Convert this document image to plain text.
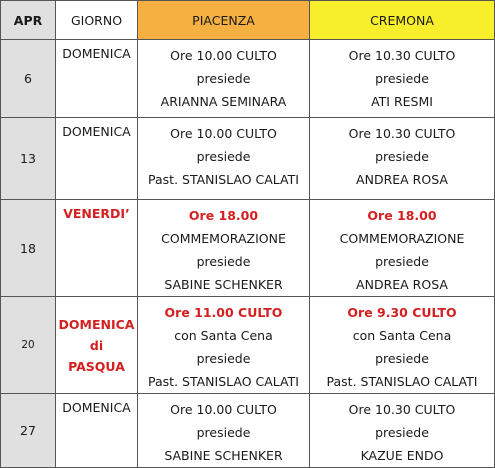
APR	GIORNO	PIACENZA	CREMONA
6	DOMENICA	Ore 10.00 CULTO
presiede
ARIANNA SEMINARA	Ore 10.30 CULTO
presiede
ATI RESMI

13	DOMENICA	Ore 10.00 CULTO
presiede
Past. STANISLAO CALATI	Ore 10.30 CULTO
presiede
ANDREA ROSA

18	VENERDI’	Ore 18.00
COMMEMORAZIONE
presiede
SABINE SCHENKER	Ore 18.00
COMMEMORAZIONE
presiede
ANDREA ROSA

20	DOMENICA
di
PASQUA	Ore 11.00 CULTO
con Santa Cena
presiede
Past. STANISLAO CALATI	Ore 9.30 CULTO
con Santa Cena
presiede
Past. STANISLAO CALATI

27	DOMENICA	Ore 10.00 CULTO
presiede
SABINE SCHENKER	Ore 10.30 CULTO
presiede
KAZUE ENDO
